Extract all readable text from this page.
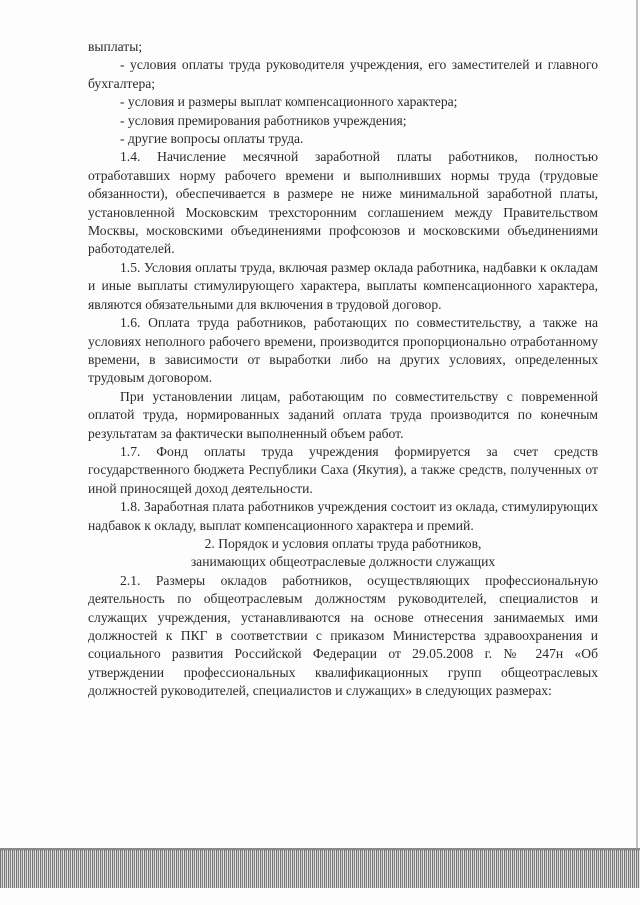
выплаты;

- условия оплаты труда руководителя учреждения, его заместителей и главного бухгалтера;

- условия и размеры выплат компенсационного характера;

- условия премирования работников учреждения;

- другие вопросы оплаты труда.

1.4. Начисление месячной заработной платы работников, полностью отработавших норму рабочего времени и выполнивших нормы труда (трудовые обязанности), обеспечивается в размере не ниже минимальной заработной платы, установленной Московским трехсторонним соглашением между Правительством Москвы, московскими объединениями профсоюзов и московскими объединениями работодателей.

1.5. Условия оплаты труда, включая размер оклада работника, надбавки к окладам и иные выплаты стимулирующего характера, выплаты компенсационного характера, являются обязательными для включения в трудовой договор.

1.6. Оплата труда работников, работающих по совместительству, а также на условиях неполного рабочего времени, производится пропорционально отработанному времени, в зависимости от выработки либо на других условиях, определенных трудовым договором.

При установлении лицам, работающим по совместительству с повременной оплатой труда, нормированных заданий оплата труда производится по конечным результатам за фактически выполненный объем работ.

1.7. Фонд оплаты труда учреждения формируется за счет средств государственного бюджета Республики Саха (Якутия), а также средств, полученных от иной приносящей доход деятельности.

1.8. Заработная плата работников учреждения состоит из оклада, стимулирующих надбавок к окладу, выплат компенсационного характера и премий.

2. Порядок и условия оплаты труда работников,

занимающих общеотраслевые должности служащих

2.1. Размеры окладов работников, осуществляющих профессиональную деятельность по общеотраслевым должностям руководителей, специалистов и служащих учреждения, устанавливаются на основе отнесения занимаемых ими должностей к ПКГ в соответствии с приказом Министерства здравоохранения и социального развития Российской Федерации от 29.05.2008 г. № 247н «Об утверждении профессиональных квалификационных групп общеотраслевых должностей руководителей, специалистов и служащих» в следующих размерах:
